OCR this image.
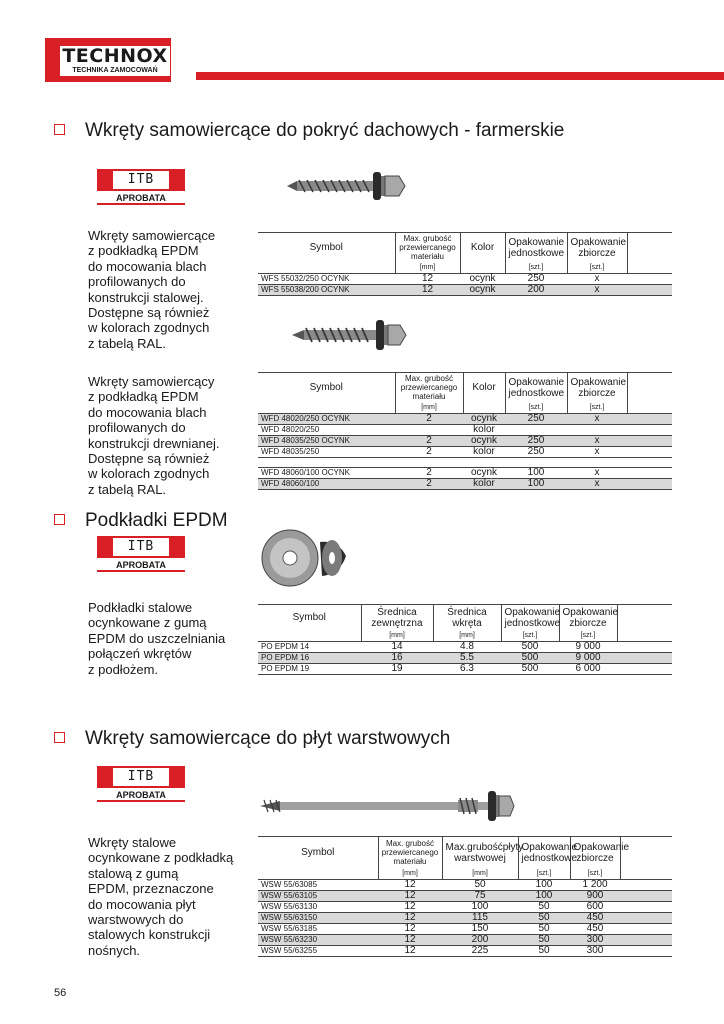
TECHNOX
TECHNIKA ZAMOCOWAŃ
Wkręty samowiercące do pokryć dachowych - farmerskie
ITB
APROBATA
Wkręty samowiercące
z podkładką EPDM
do mocowania blach
profilowanych do
konstrukcji stalowej.
Dostępne są również
w kolorach zgodnych
z tabelą RAL.
Symbol	Max. grubość przewiercanego materiału	Kolor	Opakowanie jednostkowe	Opakowanie zbiorcze	
	[mm]		[szt.]	[szt.]	
WFS 55032/250 OCYNK	12	ocynk	250	x	
WFS 55038/200 OCYNK	12	ocynk	200	x	
Wkręty samowiercący
z podkładką EPDM
do mocowania blach
profilowanych do
konstrukcji drewnianej.
Dostępne są również
w kolorach zgodnych
z tabelą RAL.
Symbol	Max. grubość przewiercanego materiału	Kolor	Opakowanie jednostkowe	Opakowanie zbiorcze	
	[mm]		[szt.]	[szt.]	
WFD 48020/250 OCYNK	2	ocynk	250	x	
WFD 48020/250		kolor			
WFD 48035/250 OCYNK	2	ocynk	250	x	
WFD 48035/250	2	kolor	250	x	

WFD 48060/100 OCYNK	2	ocynk	100	x	
WFD 48060/100	2	kolor	100	x	
Podkładki EPDM
ITB
APROBATA
Podkładki stalowe
ocynkowane z gumą
EPDM do uszczelniania
połączeń wkrętów
z podłożem.
Symbol	Średnica zewnętrzna	Średnica wkręta	Opakowanie jednostkowe	Opakowanie zbiorcze	
	[mm]	[mm]	[szt.]	[szt.]	
PO EPDM 14	14	4.8	500	9 000	
PO EPDM 16	16	5.5	500	9 000	
PO EPDM 19	19	6.3	500	6 000	
Wkręty samowiercące do płyt warstwowych
ITB
APROBATA
Wkręty stalowe
ocynkowane z podkładką
stalową z gumą
EPDM, przeznaczone
do mocowania płyt
warstwowych do
stalowych konstrukcji
nośnych.
Symbol	Max. grubość przewiercanego materiału	Max.grubośćpłyty warstwowej	Opakowanie jednostkowe	Opakowanie zbiorcze	
	[mm]	[mm]	[szt.]	[szt.]	
WSW 55/63085	12	50	100	1 200	
WSW 55/63105	12	75	100	900	
WSW 55/63130	12	100	50	600	
WSW 55/63150	12	115	50	450	
WSW 55/63185	12	150	50	450	
WSW 55/63230	12	200	50	300	
WSW 55/63255	12	225	50	300	
56
